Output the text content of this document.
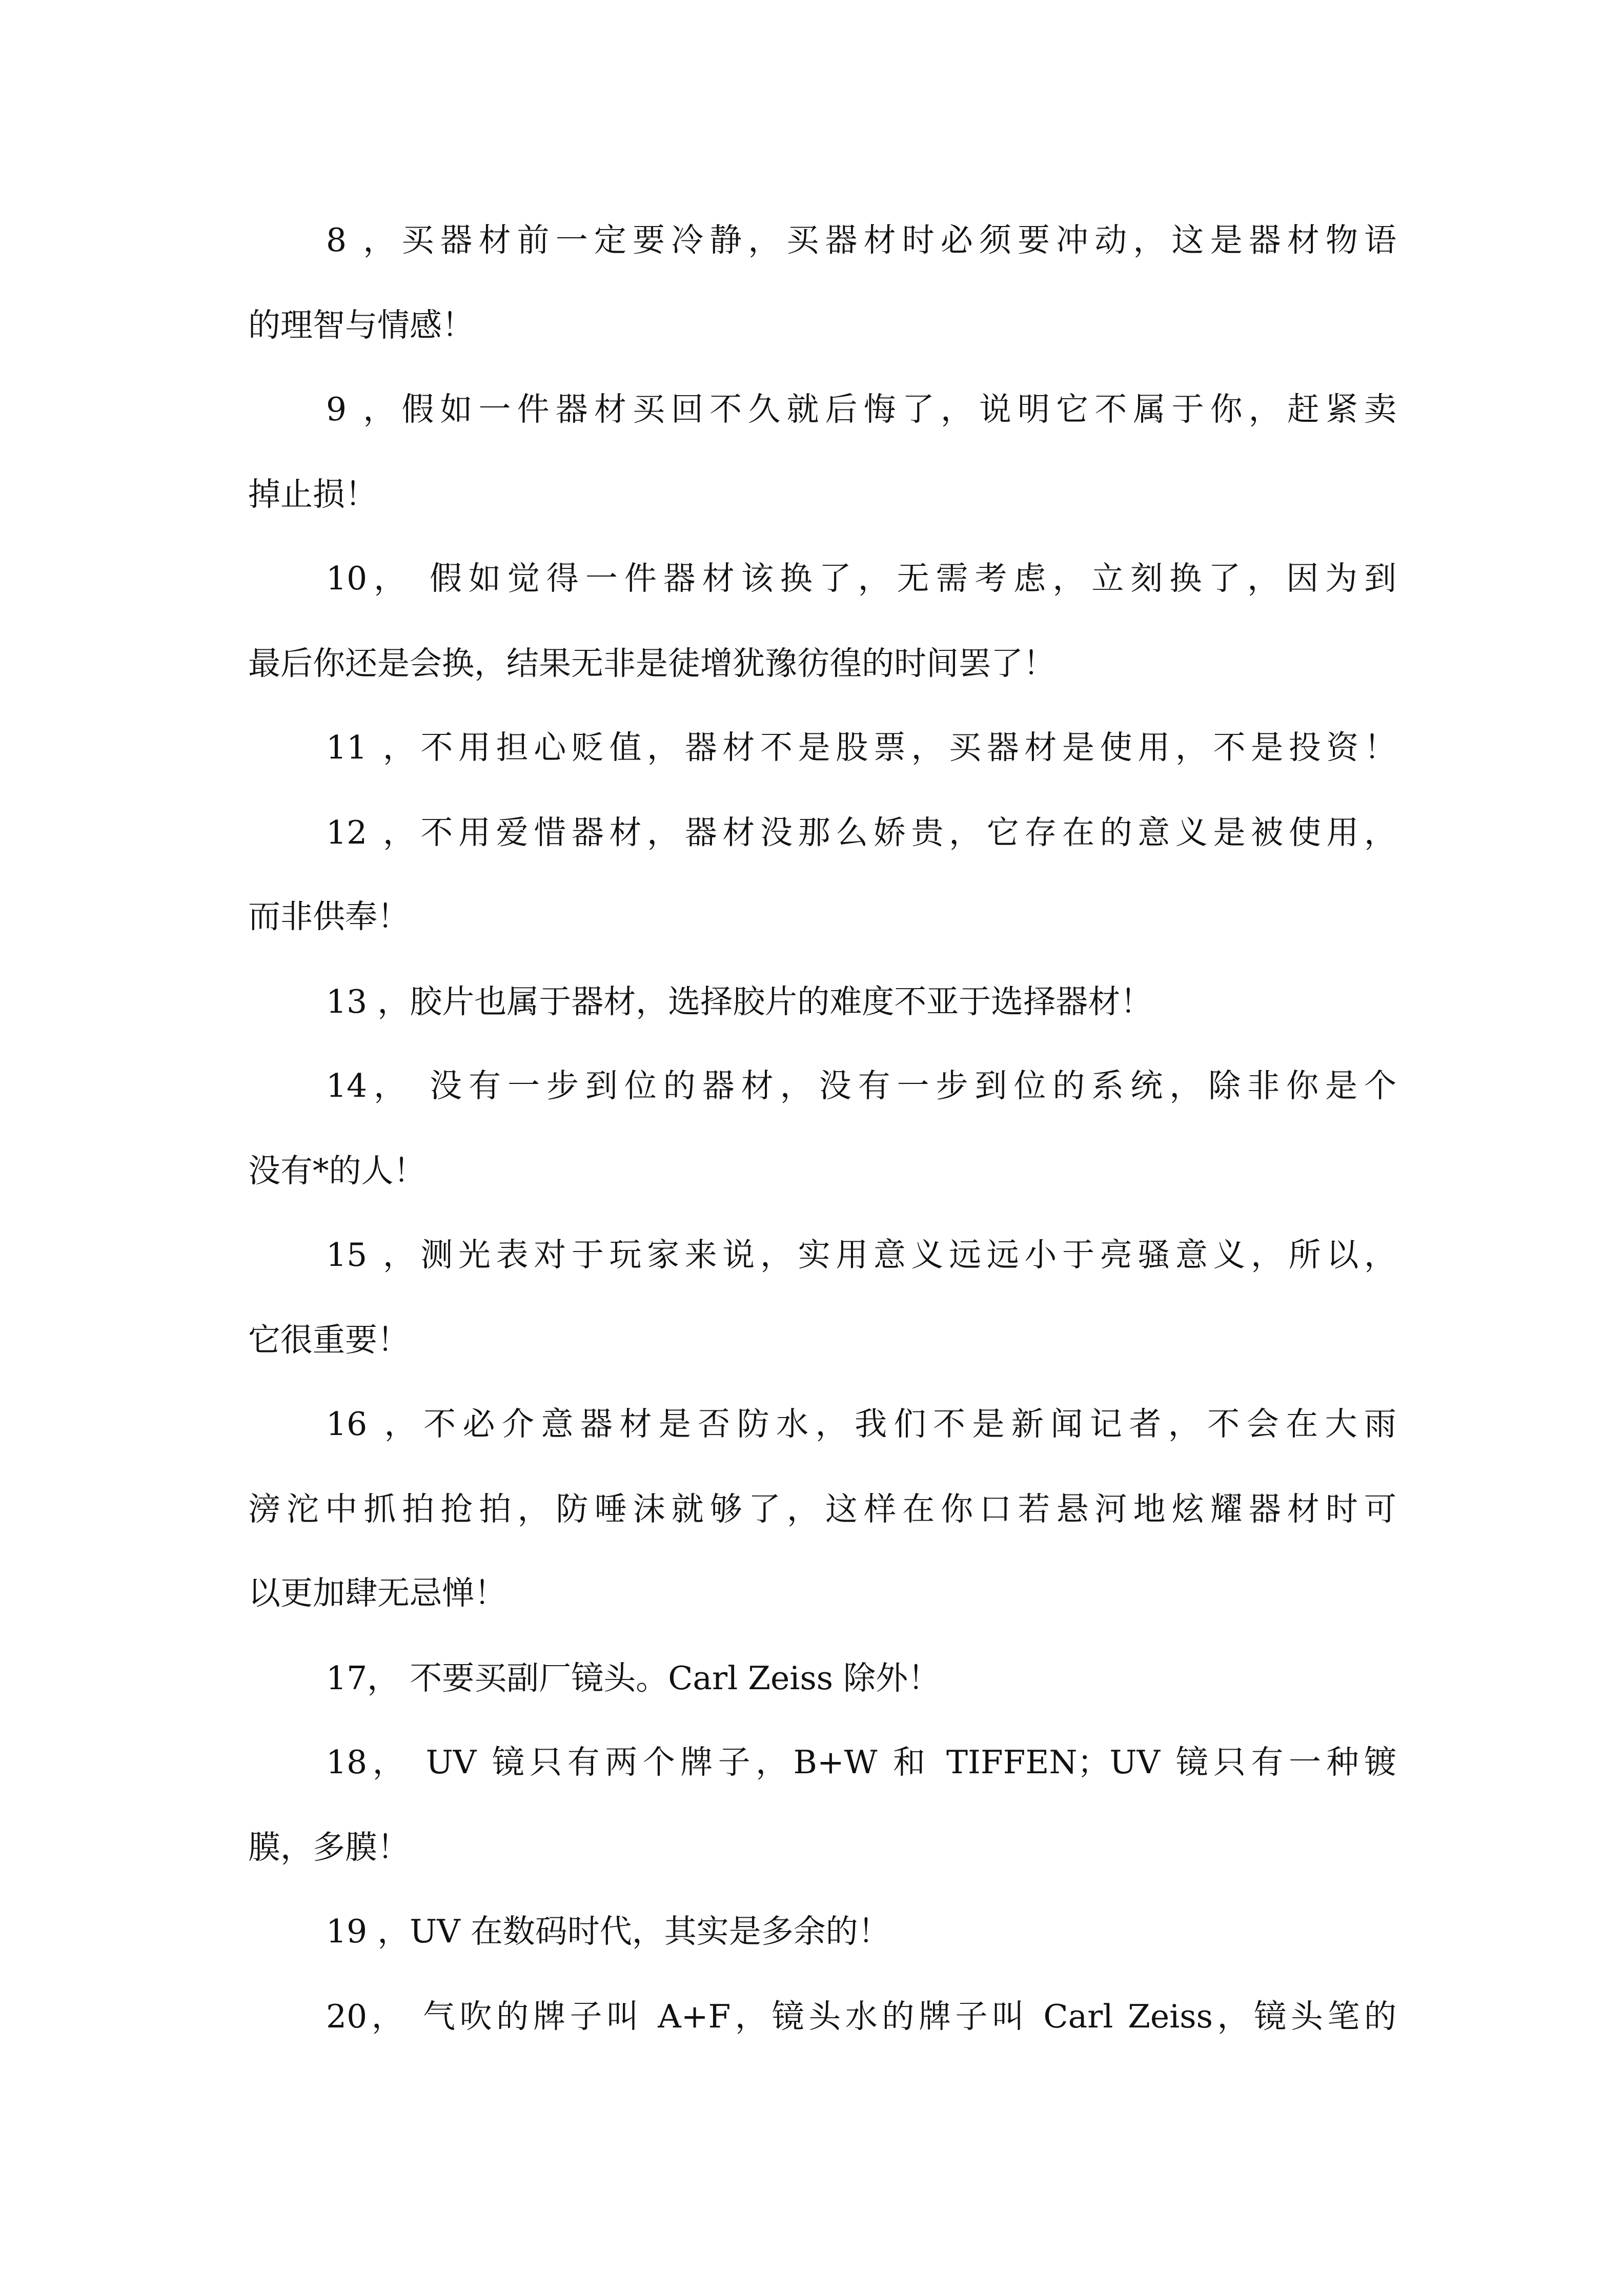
8 ，买器材前一定要冷静，买器材时必须要冲动，这是器材物语

的理智与情感！

9 ，假如一件器材买回不久就后悔了，说明它不属于你，赶紧卖

掉止损！

10， 假如觉得一件器材该换了，无需考虑，立刻换了，因为到

最后你还是会换，结果无非是徒增犹豫彷徨的时间罢了！

11 ，不用担心贬值，器材不是股票，买器材是使用，不是投资！

12 ，不用爱惜器材，器材没那么娇贵，它存在的意义是被使用，

而非供奉！

13 ，胶片也属于器材，选择胶片的难度不亚于选择器材！

14， 没有一步到位的器材，没有一步到位的系统，除非你是个

没有*的人！

15 ，测光表对于玩家来说，实用意义远远小于亮骚意义，所以，

它很重要！

16 ，不必介意器材是否防水，我们不是新闻记者，不会在大雨

滂沱中抓拍抢拍，防唾沫就够了，这样在你口若悬河地炫耀器材时可

以更加肆无忌惮！

17， 不要买副厂镜头。Carl Zeiss 除外！

18， UV 镜只有两个牌子，B+W 和 TIFFEN；UV 镜只有一种镀

膜，多膜！

19 ，UV 在数码时代，其实是多余的！

20， 气吹的牌子叫 A+F，镜头水的牌子叫 Carl Zeiss，镜头笔的
